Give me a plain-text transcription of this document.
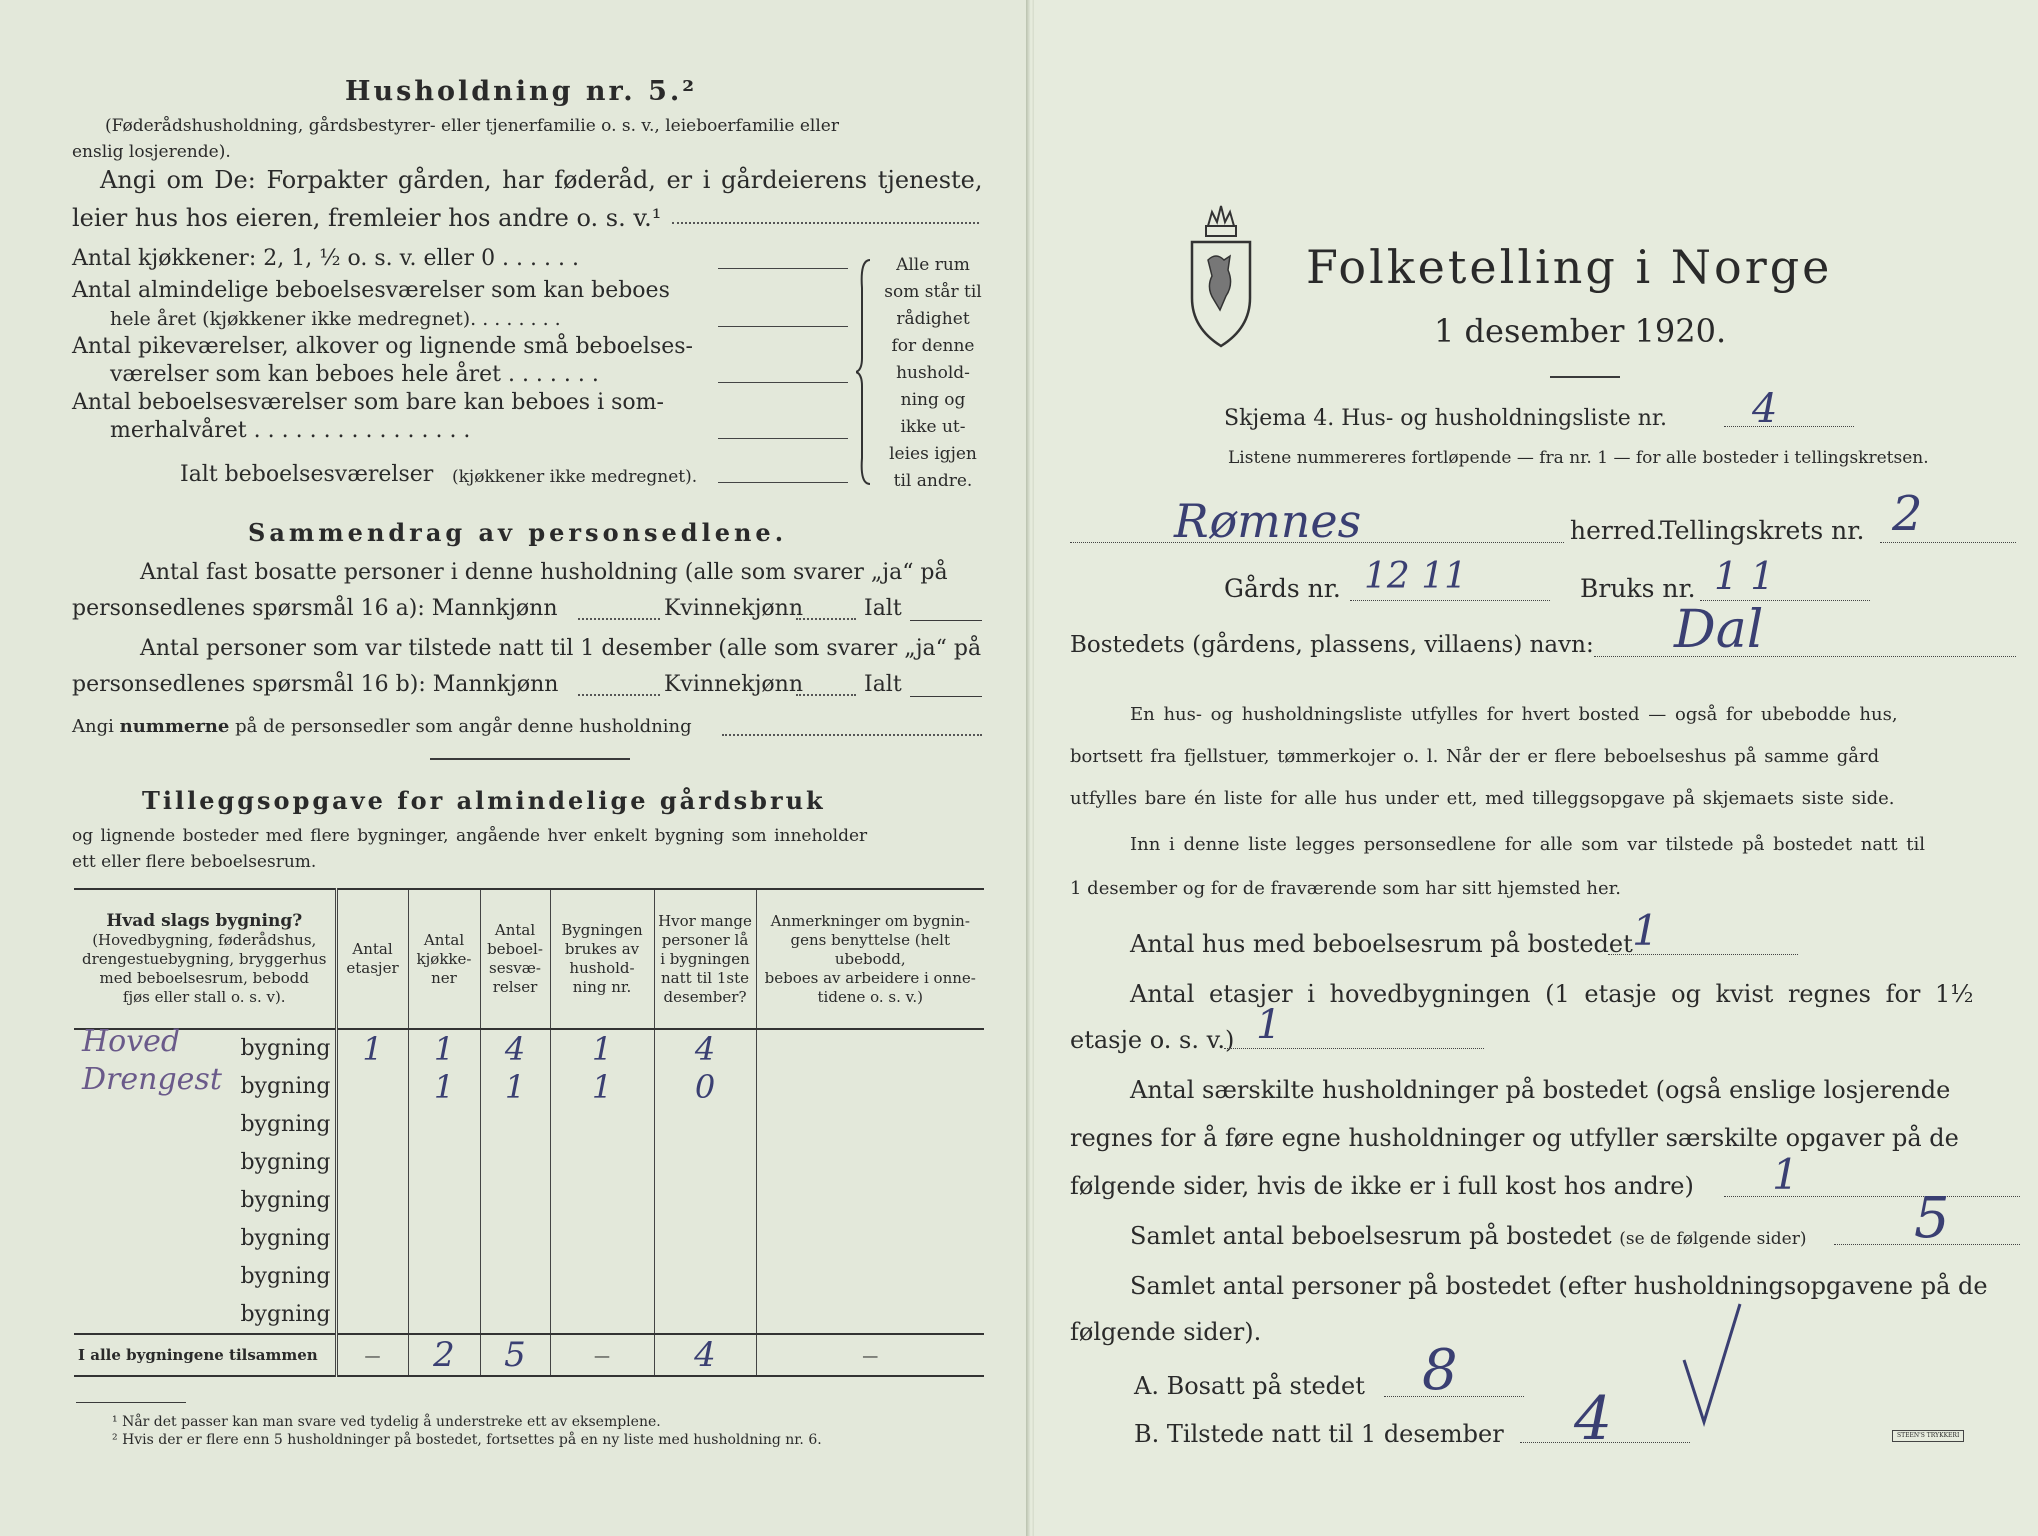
Husholdning nr. 5.²
(Føderådshusholdning, gårdsbestyrer- eller tjenerfamilie o. s. v., leieboerfamilie eller
enslig losjerende).
Angi om De: Forpakter gården, har føderåd, er i gårdeierens tjeneste,
leier hus hos eieren, fremleier hos andre o. s. v.¹
Antal kjøkkener: 2, 1, ½ o. s. v. eller 0 . . . . . .
Antal almindelige beboelsesværelser som kan beboes
hele året (kjøkkener ikke medregnet). . . . . . . .
Antal pikeværelser, alkover og lignende små beboelses-
værelser som kan beboes hele året . . . . . . .
Antal beboelsesværelser som bare kan beboes i som-
merhalvåret . . . . . . . . . . . . . . . .
Ialt beboelsesværelser (kjøkkener ikke medregnet).
Alle rum
som står til
rådighet
for denne
hushold-
ning og
ikke ut-
leies igjen
til andre.
Sammendrag av personsedlene.
Antal fast bosatte personer i denne husholdning (alle som svarer „ja“ på
personsedlenes spørsmål 16 a): Mannkjønn	Kvinnekjønn	Ialt
Antal personer som var tilstede natt til 1 desember (alle som svarer „ja“ på
personsedlenes spørsmål 16 b): Mannkjønn	Kvinnekjønn	Ialt
Angi nummerne på de personsedler som angår denne husholdning
Tilleggsopgave for almindelige gårdsbruk
og lignende bosteder med flere bygninger, angående hver enkelt bygning som inneholder
ett eller flere beboelsesrum.
Hvad slags bygning?
(Hovedbygning, føderådshus,
drengestuebygning, bryggerhus
med beboelsesrum, bebodd
fjøs eller stall o. s. v).	Antal
etasjer	Antal
kjøkke-
ner	Antal
beboel-
sesvæ-
relser	Bygningen
brukes av
hushold-
ning nr.	Hvor mange
personer lå
i bygningen
natt til 1ste
desember?	Anmerkninger om bygnin-
gens benyttelse (helt ubebodd,
beboes av arbeidere i onne-
tidene o. s. v.)

Hoved bygning	1	1	4	1	4	

Drengest bygning		1	1	1	0	

bygning						

bygning						

bygning						

bygning						

bygning						

bygning						

I alle bygningene tilsammen	—	2	5	—	4	—
¹ Når det passer kan man svare ved tydelig å understreke ett av eksemplene.
² Hvis der er flere enn 5 husholdninger på bostedet, fortsettes på en ny liste med husholdning nr. 6.
Folketelling i Norge
1 desember 1920.
Skjema 4. Hus- og husholdningsliste nr. 4
Listene nummereres fortløpende — fra nr. 1 — for alle bosteder i tellingskretsen.
Rømnes	herred.
Tellingskrets nr. 2
Gårds nr. 12 11	Bruks nr. 1 1
Bostedets (gårdens, plassens, villaens) navn: Dal
En hus- og husholdningsliste utfylles for hvert bosted — også for ubebodde hus,
bortsett fra fjellstuer, tømmerkojer o. l. Når der er flere beboelseshus på samme gård
utfylles bare én liste for alle hus under ett, med tilleggsopgave på skjemaets siste side.
Inn i denne liste legges personsedlene for alle som var tilstede på bostedet natt til
1 desember og for de fraværende som har sitt hjemsted her.
Antal hus med beboelsesrum på bostedet 1
Antal etasjer i hovedbygningen (1 etasje og kvist regnes for 1½
etasje o. s. v.) 1
Antal særskilte husholdninger på bostedet (også enslige losjerende
regnes for å føre egne husholdninger og utfyller særskilte opgaver på de
følgende sider, hvis de ikke er i full kost hos andre) 1
Samlet antal beboelsesrum på bostedet (se de følgende sider) 5
Samlet antal personer på bostedet (efter husholdningsopgavene på de
følgende sider).
A. Bosatt på stedet 8
B. Tilstede natt til 1 desember 4	STEEN'S TRYKKERI
